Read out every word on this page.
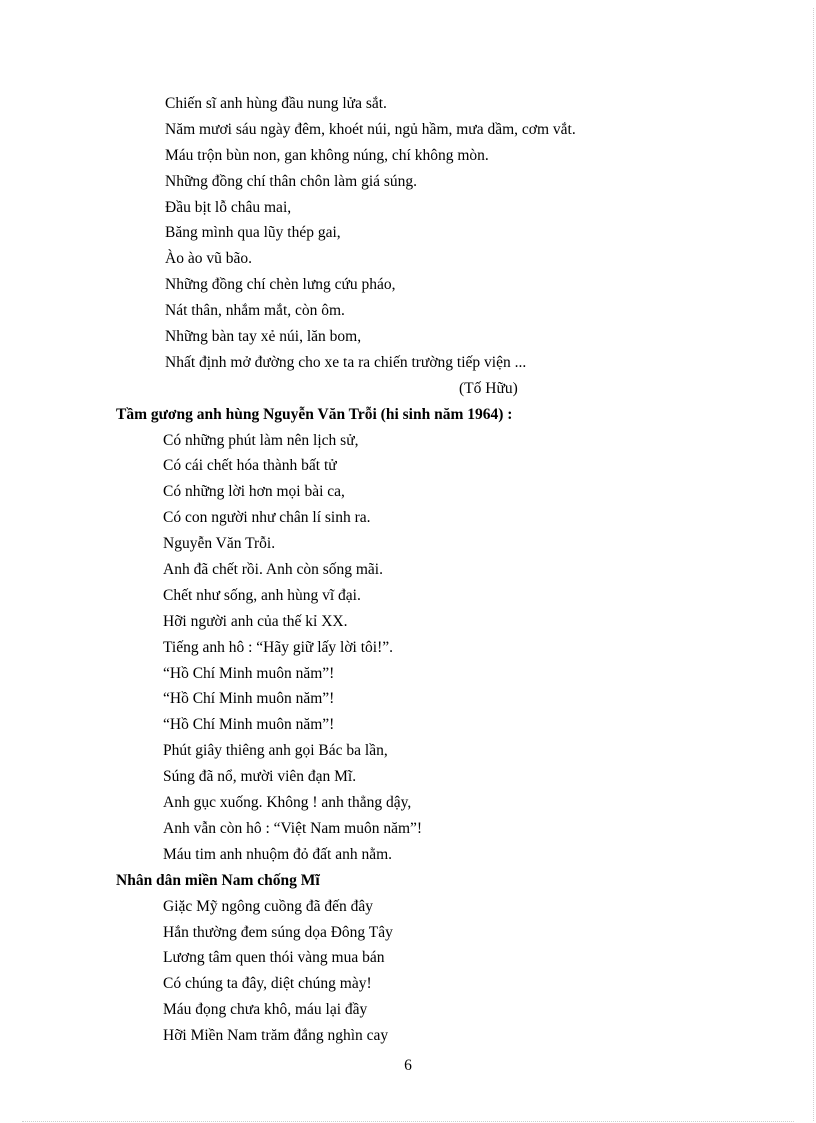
Chiến sĩ anh hùng đầu nung lửa sắt.
Năm mươi sáu ngày đêm, khoét núi, ngủ hầm, mưa dầm, cơm vắt.
Máu trộn bùn non, gan không núng, chí không mòn.
Những đồng chí thân chôn làm giá súng.
Đầu bịt lỗ châu mai,
Băng mình qua lũy thép gai,
Ào ào vũ bão.
Những đồng chí chèn lưng cứu pháo,
Nát thân, nhắm mắt, còn ôm.
Những bàn tay xẻ núi, lăn bom,
Nhất định mở đường cho xe ta ra chiến trường tiếp viện ...
(Tố Hữu)
Tầm gương anh hùng Nguyễn Văn Trỗi (hi sinh năm 1964) :
Có những phút làm nên lịch sử,
Có cái chết hóa thành bất tử
Có những lời hơn mọi bài ca,
Có con người như chân lí sinh ra.
Nguyễn Văn Trỗi.
Anh đã chết rồi. Anh còn sống mãi.
Chết như sống, anh hùng vĩ đại.
Hỡi người anh của thế kỉ XX.
Tiếng anh hô : “Hãy giữ lấy lời tôi!”.
“Hồ Chí Minh muôn năm”!
“Hồ Chí Minh muôn năm”!
“Hồ Chí Minh muôn năm”!
Phút giây thiêng anh gọi Bác ba lần,
Súng đã nổ, mười viên đạn Mĩ.
Anh gục xuống. Không ! anh thẳng dậy,
Anh vẫn còn hô : “Việt Nam muôn năm”!
Máu tim anh nhuộm đỏ đất anh nằm.
Nhân dân miền Nam chống Mĩ
Giặc Mỹ ngông cuồng đã đến đây
Hắn thường đem súng dọa Đông Tây
Lương tâm quen thói vàng mua bán
Có chúng ta đây, diệt chúng mày!
Máu đọng chưa khô, máu lại đầy
Hỡi Miền Nam trăm đắng nghìn cay
6
